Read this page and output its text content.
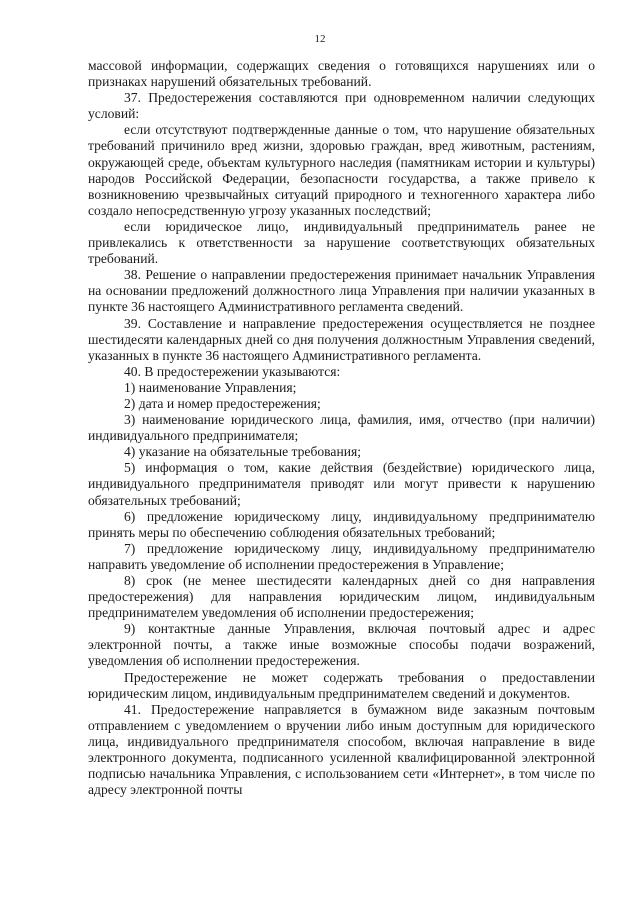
12

массовой информации, содержащих сведения о готовящихся нарушениях или о признаках нарушений обязательных требований.

37. Предостережения составляются при одновременном наличии следующих условий:

если отсутствуют подтвержденные данные о том, что нарушение обязательных требований причинило вред жизни, здоровью граждан, вред животным, растениям, окружающей среде, объектам культурного наследия (памятникам истории и культуры) народов Российской Федерации, безопасности государства, а также привело к возникновению чрезвычайных ситуаций природного и техногенного характера либо создало непосредственную угрозу указанных последствий;

если юридическое лицо, индивидуальный предприниматель ранее не привлекались к ответственности за нарушение соответствующих обязательных требований.

38. Решение о направлении предостережения принимает начальник Управления на основании предложений должностного лица Управления при наличии указанных в пункте 36 настоящего Административного регламента сведений.

39. Составление и направление предостережения осуществляется не позднее шестидесяти календарных дней со дня получения должностным Управления сведений, указанных в пункте 36 настоящего Административного регламента.

40. В предостережении указываются:

1) наименование Управления;

2) дата и номер предостережения;

3) наименование юридического лица, фамилия, имя, отчество (при наличии) индивидуального предпринимателя;

4) указание на обязательные требования;

5) информация о том, какие действия (бездействие) юридического лица, индивидуального предпринимателя приводят или могут привести к нарушению обязательных требований;

6) предложение юридическому лицу, индивидуальному предпринимателю принять меры по обеспечению соблюдения обязательных требований;

7) предложение юридическому лицу, индивидуальному предпринимателю направить уведомление об исполнении предостережения в Управление;

8) срок (не менее шестидесяти календарных дней со дня направления предостережения) для направления юридическим лицом, индивидуальным предпринимателем уведомления об исполнении предостережения;

9) контактные данные Управления, включая почтовый адрес и адрес электронной почты, а также иные возможные способы подачи возражений, уведомления об исполнении предостережения.

Предостережение не может содержать требования о предоставлении юридическим лицом, индивидуальным предпринимателем сведений и документов.

41. Предостережение направляется в бумажном виде заказным почтовым отправлением с уведомлением о вручении либо иным доступным для юридического лица, индивидуального предпринимателя способом, включая направление в виде электронного документа, подписанного усиленной квалифицированной электронной подписью начальника Управления, с использованием сети «Интернет», в том числе по адресу электронной почты
